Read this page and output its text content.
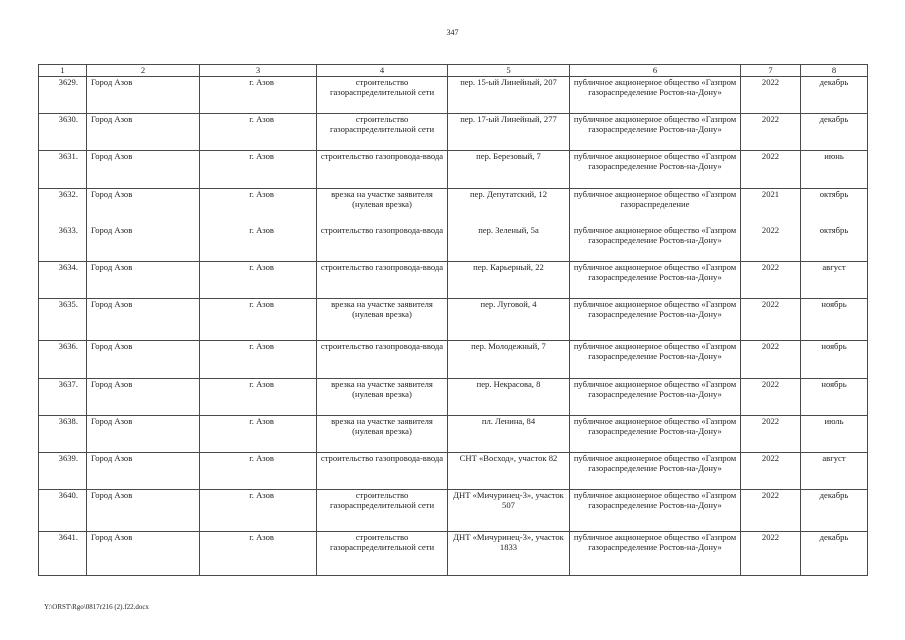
347
1	2	3	4	5	6	7	8
3629.	Город Азов	г. Азов	строительство газораспределительной сети	пер. 15-ый Линейный, 207	публичное акционерное общество «Газпром газораспределение Ростов-на-Дону»	2022	декабрь
3630.	Город Азов	г. Азов	строительство газораспределительной сети	пер. 17-ый Линейный, 277	публичное акционерное общество «Газпром газораспределение Ростов-на-Дону»	2022	декабрь
3631.	Город Азов	г. Азов	строительство газопровода-ввода	пер. Березовый, 7	публичное акционерное общество «Газпром газораспределение Ростов-на-Дону»	2022	июнь
3632.	Город Азов	г. Азов	врезка на участке заявителя (нулевая врезка)	пер. Депутатский, 12	публичное акционерное общество «Газпром газораспределение	2021	октябрь
3633.	Город Азов	г. Азов	строительство газопровода-ввода	пер. Зеленый, 5а	публичное акционерное общество «Газпром газораспределение Ростов-на-Дону»	2022	октябрь
3634.	Город Азов	г. Азов	строительство газопровода-ввода	пер. Карьерный, 22	публичное акционерное общество «Газпром газораспределение Ростов-на-Дону»	2022	август
3635.	Город Азов	г. Азов	врезка на участке заявителя (нулевая врезка)	пер. Луговой, 4	публичное акционерное общество «Газпром газораспределение Ростов-на-Дону»	2022	ноябрь
3636.	Город Азов	г. Азов	строительство газопровода-ввода	пер. Молодежный, 7	публичное акционерное общество «Газпром газораспределение Ростов-на-Дону»	2022	ноябрь
3637.	Город Азов	г. Азов	врезка на участке заявителя (нулевая врезка)	пер. Некрасова, 8	публичное акционерное общество «Газпром газораспределение Ростов-на-Дону»	2022	ноябрь
3638.	Город Азов	г. Азов	врезка на участке заявителя (нулевая врезка)	пл. Ленина, 84	публичное акционерное общество «Газпром газораспределение Ростов-на-Дону»	2022	июль
3639.	Город Азов	г. Азов	строительство газопровода-ввода	СНТ «Восход», участок 82	публичное акционерное общество «Газпром газораспределение Ростов-на-Дону»	2022	август
3640.	Город Азов	г. Азов	строительство газораспределительной сети	ДНТ «Мичуринец-3», участок 507	публичное акционерное общество «Газпром газораспределение Ростов-на-Дону»	2022	декабрь
3641.	Город Азов	г. Азов	строительство газораспределительной сети	ДНТ «Мичуринец-3», участок 1833	публичное акционерное общество «Газпром газораспределение Ростов-на-Дону»	2022	декабрь
Y:\ORST\Rgo\0817r216 (2).f22.docx
